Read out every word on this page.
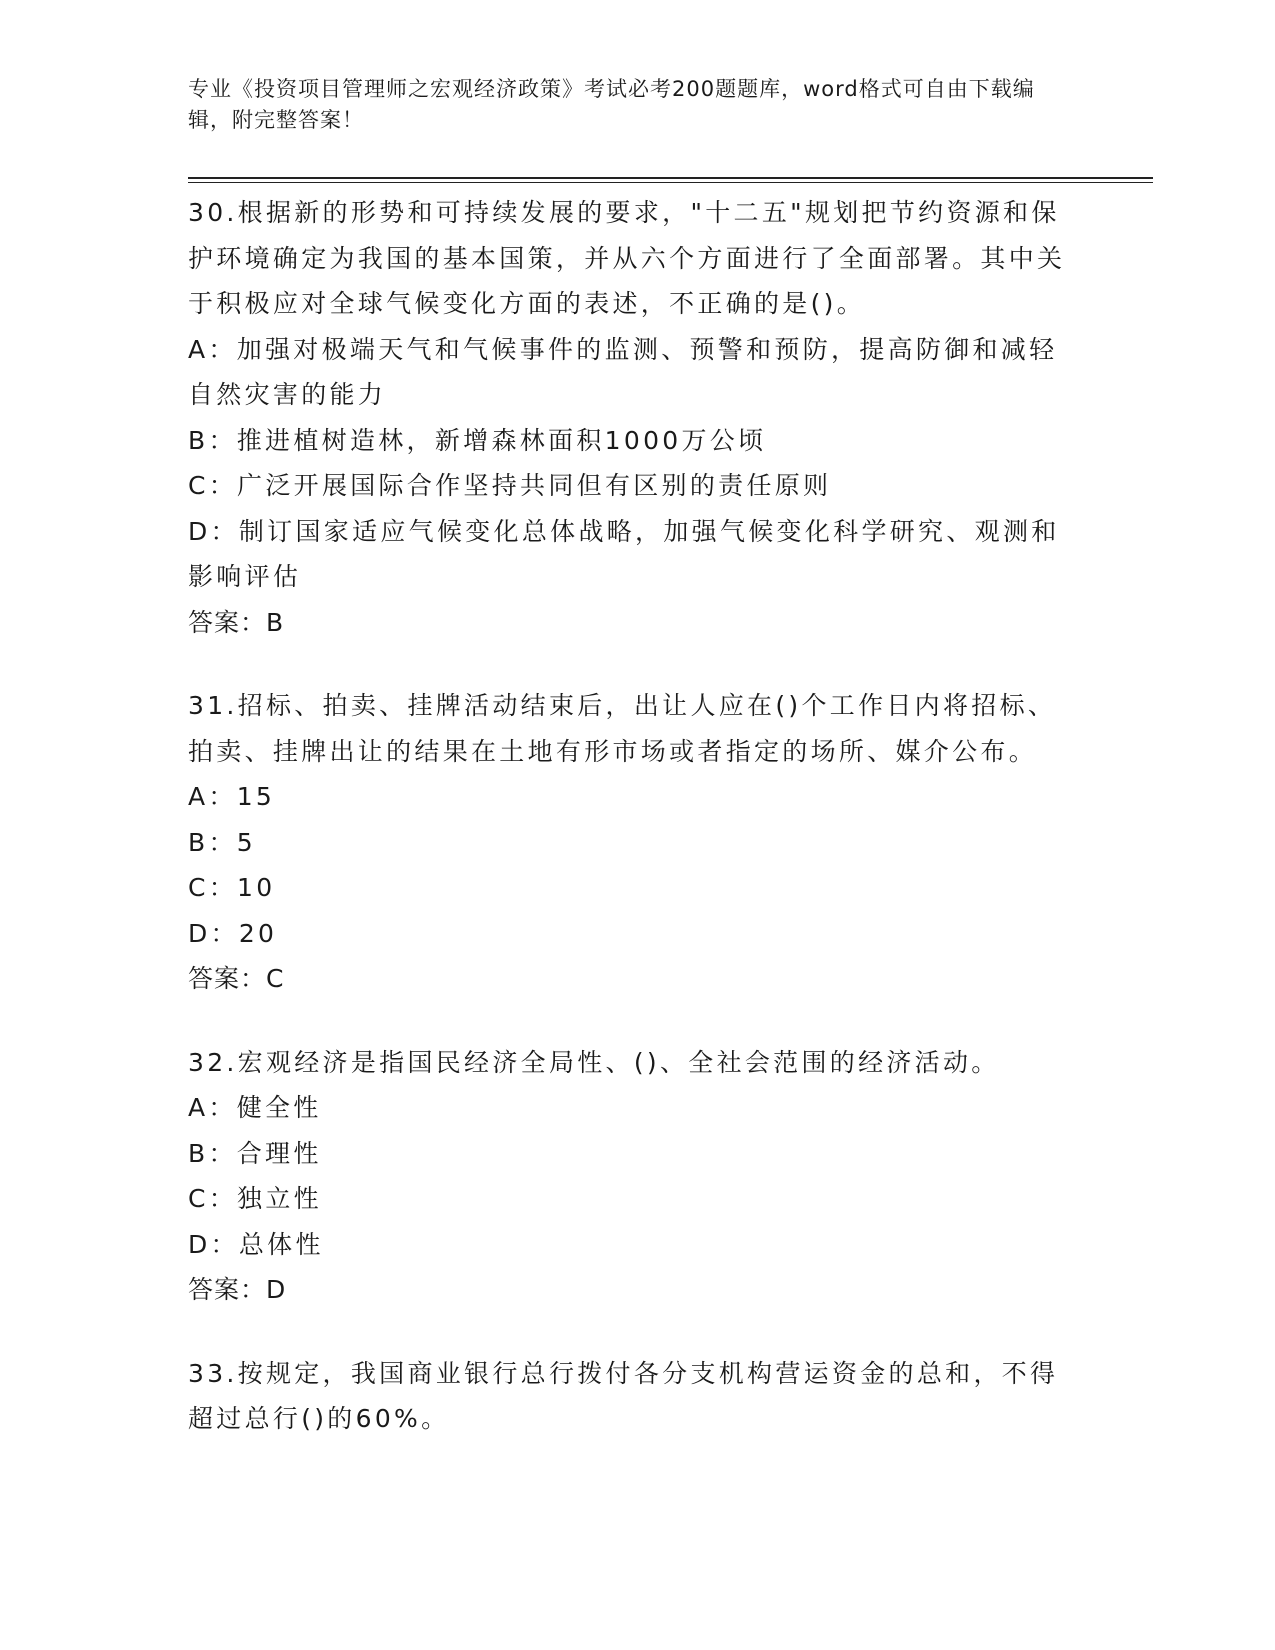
专业《投资项目管理师之宏观经济政策》考试必考200题题库，word格式可自由下载编辑，附完整答案！

30.根据新的形势和可持续发展的要求，"十二五"规划把节约资源和保护环境确定为我国的基本国策，并从六个方面进行了全面部署。其中关于积极应对全球气候变化方面的表述，不正确的是()。

A：加强对极端天气和气候事件的监测、预警和预防，提高防御和减轻自然灾害的能力

B：推进植树造林，新增森林面积1000万公顷

C：广泛开展国际合作坚持共同但有区别的责任原则

D：制订国家适应气候变化总体战略，加强气候变化科学研究、观测和影响评估

答案：B

31.招标、拍卖、挂牌活动结束后，出让人应在()个工作日内将招标、拍卖、挂牌出让的结果在土地有形市场或者指定的场所、媒介公布。

A：15

B：5

C：10

D：20

答案：C

32.宏观经济是指国民经济全局性、()、全社会范围的经济活动。

A：健全性

B：合理性

C：独立性

D：总体性

答案：D

33.按规定，我国商业银行总行拨付各分支机构营运资金的总和，不得超过总行()的60%。
